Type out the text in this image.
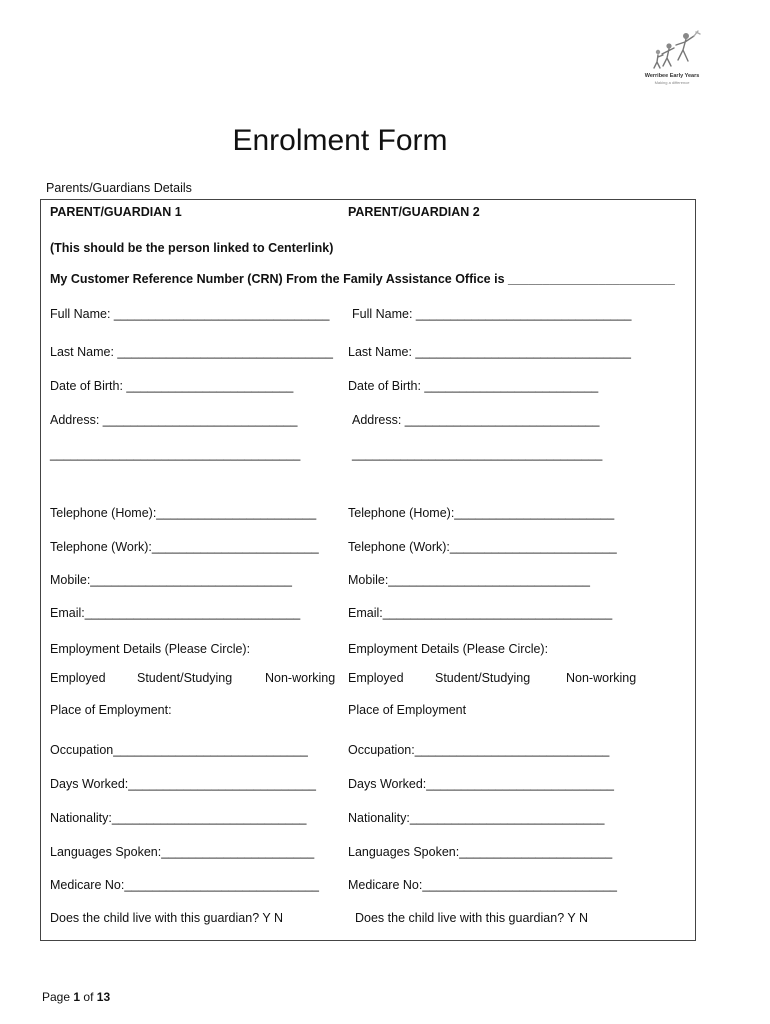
Werribee Early Years
Making a difference
Enrolment Form
Parents/Guardians Details
PARENT/GUARDIAN 1
(This should be the person linked to Centerlink)
My Customer Reference Number (CRN) From the Family Assistance Office is ________________________
Full Name: _______________________________
Last Name: _______________________________
Date of Birth: ________________________
Address: ____________________________
____________________________________
Telephone (Home):_______________________
Telephone (Work):________________________
Mobile:_____________________________
Email:_______________________________
Employment Details (Please Circle):
Employed	Student/Studying	Non-working
Place of Employment:
Occupation____________________________
Days Worked:___________________________
Nationality:____________________________
Languages Spoken:______________________
Medicare No:____________________________
Does the child live with this guardian? Y N
PARENT/GUARDIAN 2
Full Name: _______________________________
Last Name: _______________________________
Date of Birth: _________________________
Address: ____________________________
____________________________________
Telephone (Home):_______________________
Telephone (Work):________________________
Mobile:_____________________________
Email:_________________________________
Employment Details (Please Circle):
Employed	Student/Studying	Non-working
Place of Employment
Occupation:____________________________
Days Worked:___________________________
Nationality:____________________________
Languages Spoken:______________________
Medicare No:____________________________
Does the child live with this guardian? Y N
Page 1 of 13
